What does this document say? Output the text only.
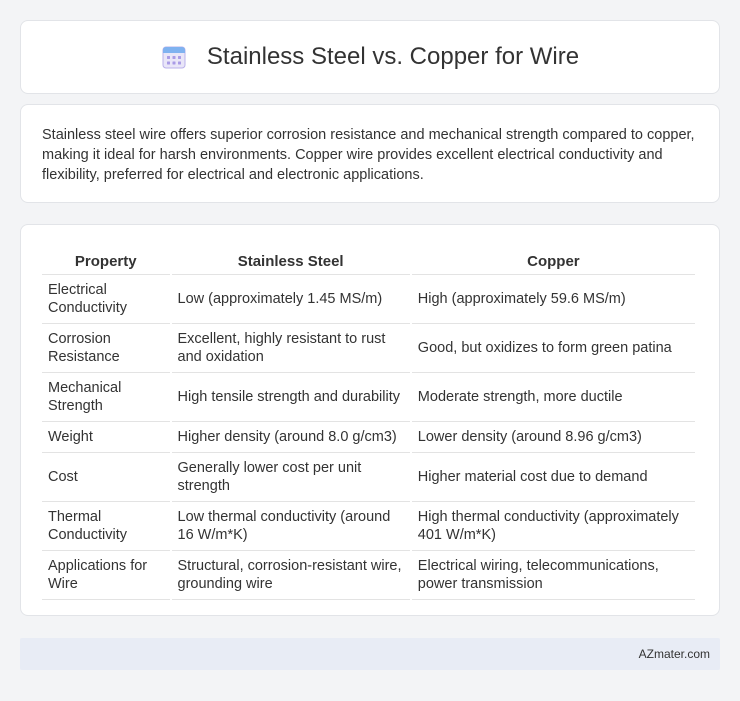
Stainless Steel vs. Copper for Wire

Stainless steel wire offers superior corrosion resistance and mechanical strength compared to copper, making it ideal for harsh environments. Copper wire provides excellent electrical conductivity and flexibility, preferred for electrical and electronic applications.

Property	Stainless Steel	Copper
Electrical Conductivity	Low (approximately 1.45 MS/m)	High (approximately 59.6 MS/m)
Corrosion Resistance	Excellent, highly resistant to rust and oxidation	Good, but oxidizes to form green patina
Mechanical Strength	High tensile strength and durability	Moderate strength, more ductile
Weight	Higher density (around 8.0 g/cm3)	Lower density (around 8.96 g/cm3)
Cost	Generally lower cost per unit strength	Higher material cost due to demand
Thermal Conductivity	Low thermal conductivity (around 16 W/m*K)	High thermal conductivity (approximately 401 W/m*K)
Applications for Wire	Structural, corrosion-resistant wire, grounding wire	Electrical wiring, telecommunications, power transmission
AZmater.com
